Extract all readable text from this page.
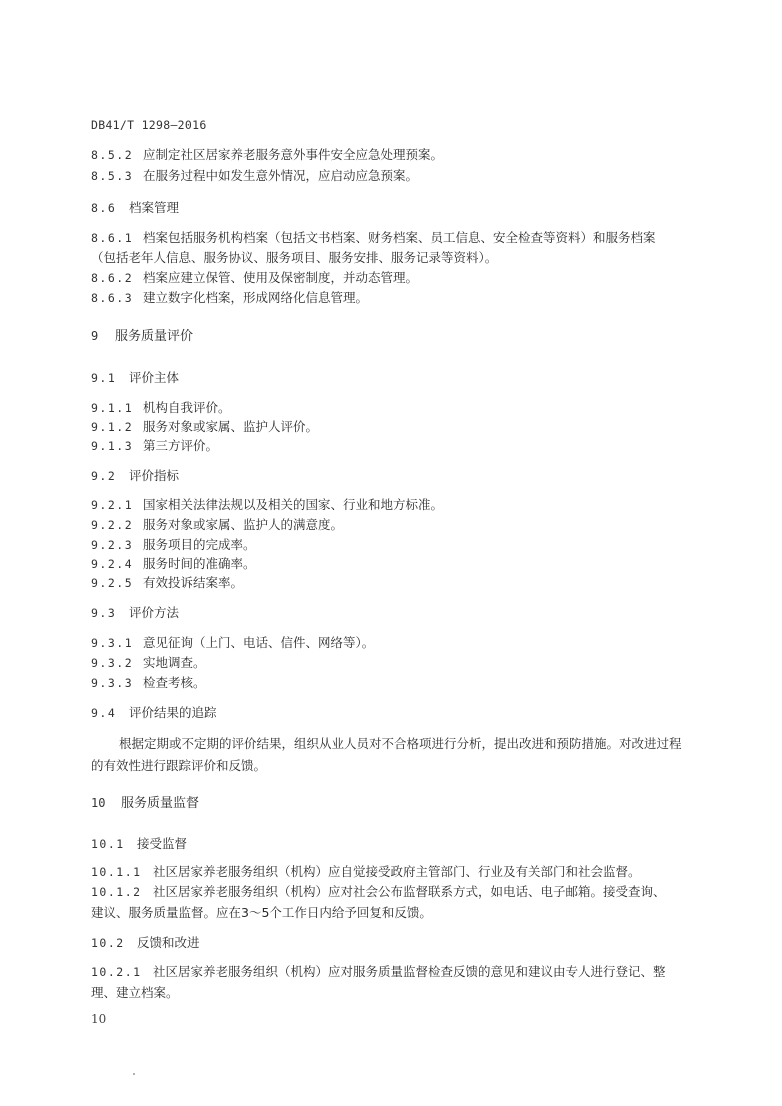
DB41/T 1298—2016
8.5.2 应制定社区居家养老服务意外事件安全应急处理预案。
8.5.3 在服务过程中如发生意外情况，应启动应急预案。
8.6 档案管理
8.6.1 档案包括服务机构档案（包括文书档案、财务档案、员工信息、安全检查等资料）和服务档案
（包括老年人信息、服务协议、服务项目、服务安排、服务记录等资料）。
8.6.2 档案应建立保管、使用及保密制度，并动态管理。
8.6.3 建立数字化档案，形成网络化信息管理。
9 服务质量评价
9.1 评价主体
9.1.1 机构自我评价。
9.1.2 服务对象或家属、监护人评价。
9.1.3 第三方评价。
9.2 评价指标
9.2.1 国家相关法律法规以及相关的国家、行业和地方标准。
9.2.2 服务对象或家属、监护人的满意度。
9.2.3 服务项目的完成率。
9.2.4 服务时间的准确率。
9.2.5 有效投诉结案率。
9.3 评价方法
9.3.1 意见征询（上门、电话、信件、网络等）。
9.3.2 实地调查。
9.3.3 检查考核。
9.4 评价结果的追踪
根据定期或不定期的评价结果，组织从业人员对不合格项进行分析，提出改进和预防措施。对改进过程的有效性进行跟踪评价和反馈。
10 服务质量监督
10.1 接受监督
10.1.1 社区居家养老服务组织（机构）应自觉接受政府主管部门、行业及有关部门和社会监督。
10.1.2 社区居家养老服务组织（机构）应对社会公布监督联系方式，如电话、电子邮箱。接受查询、
建议、服务质量监督。应在3～5个工作日内给予回复和反馈。
10.2 反馈和改进
10.2.1 社区居家养老服务组织（机构）应对服务质量监督检查反馈的意见和建议由专人进行登记、整
理、建立档案。
10
